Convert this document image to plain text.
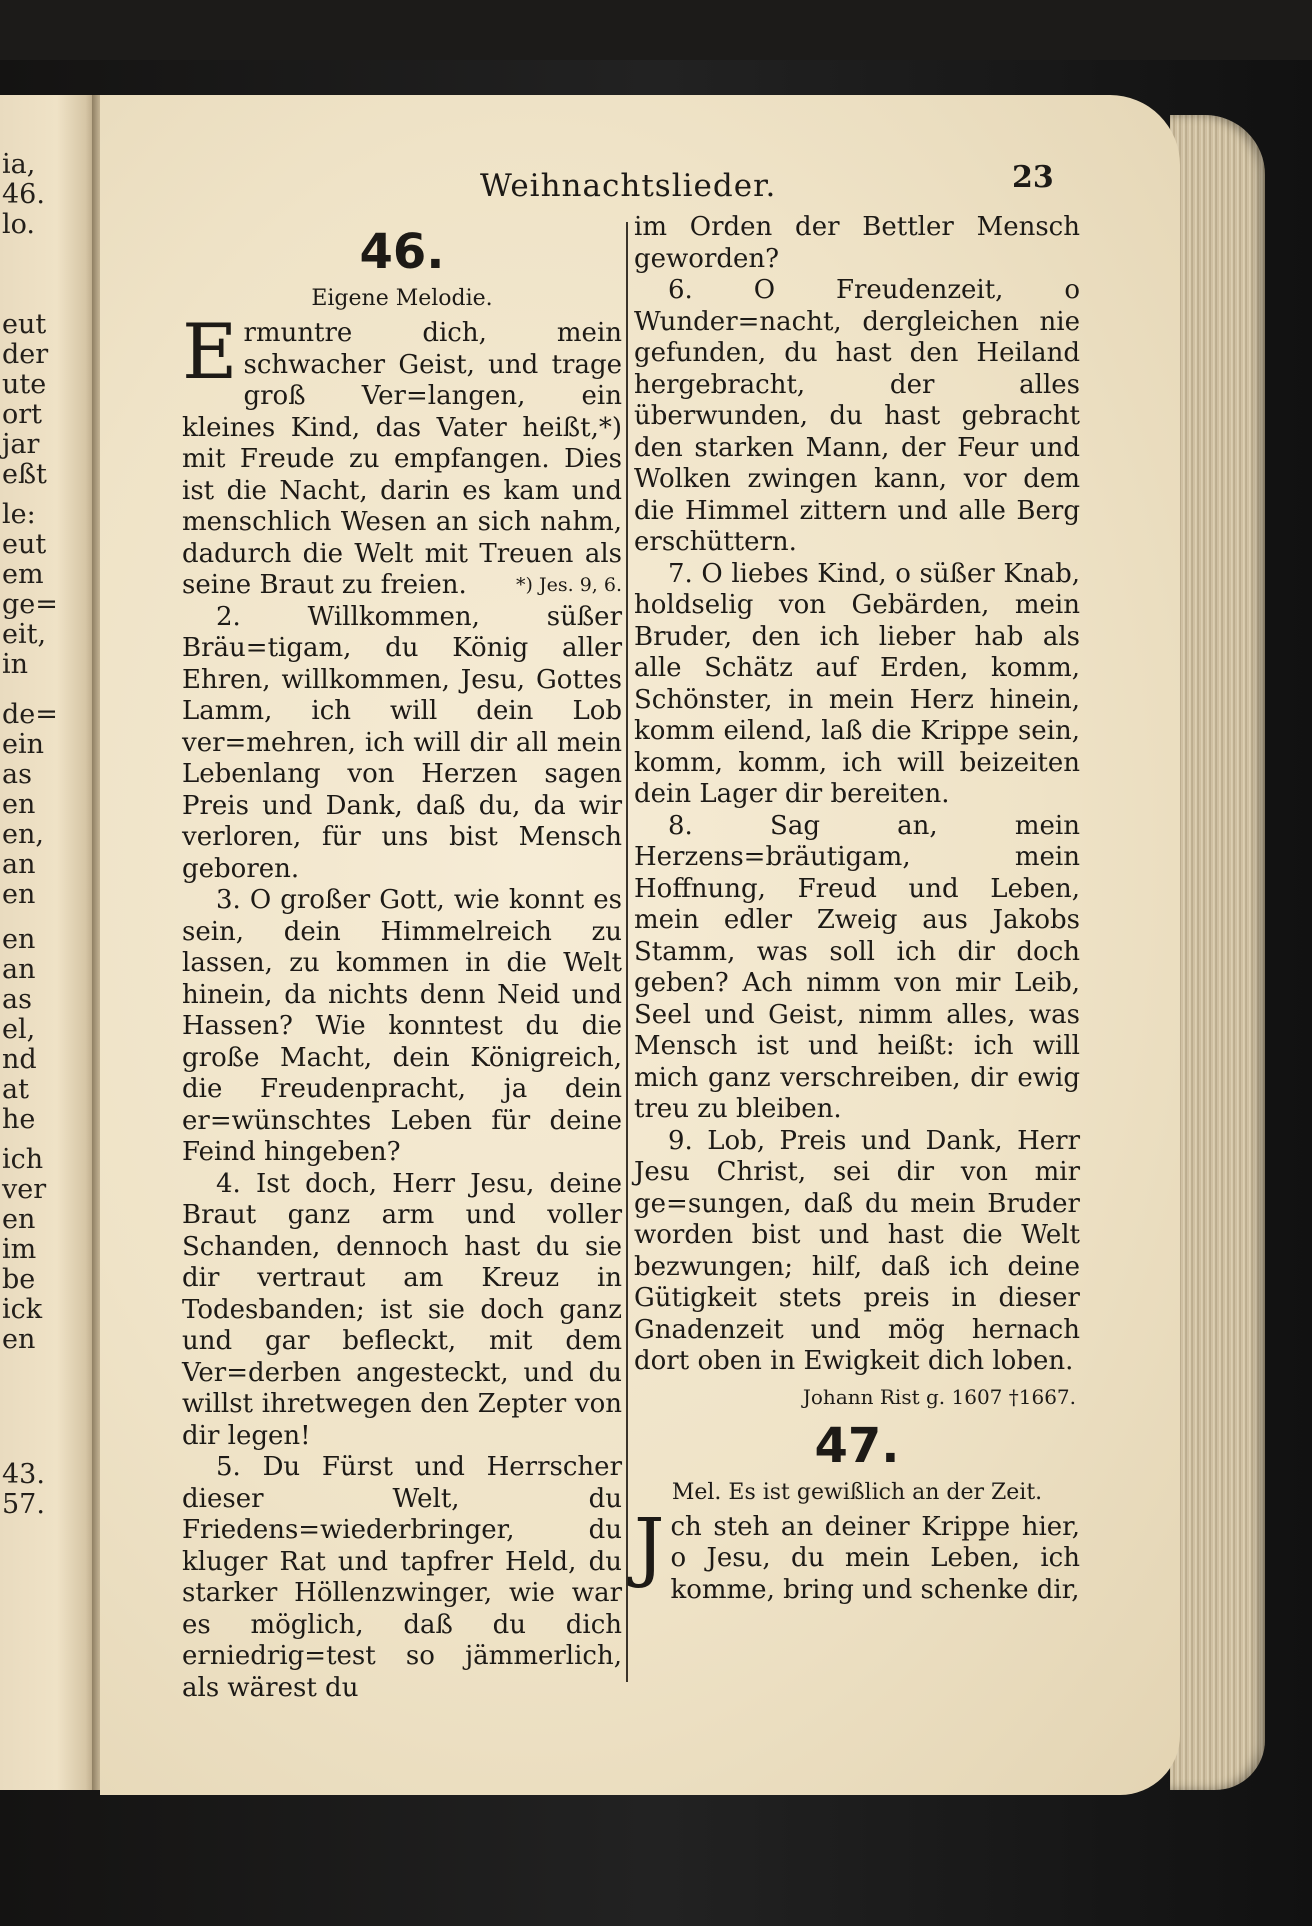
ia,
46.
lo.
eut
der
ute
ort
jar
eßt
le:
eut
em
ge=
eit,
in
de=
ein
as
en
en,
an
en
en
an
as
el,
nd
at
he
ich
ver
en
im
be
ick
en
43.
57.
Weihnachtslieder.	23

46.

Eigene Melodie.

E rmuntre dich, mein schwacher Geist, und trage groß Ver=langen, ein kleines Kind, das Vater heißt,*) mit Freude zu empfangen. Dies ist die Nacht, darin es kam und menschlich Wesen an sich nahm, dadurch die Welt mit Treuen als seine Braut zu freien.	*) Jes. 9, 6.

2. Willkommen, süßer Bräu=tigam, du König aller Ehren, willkommen, Jesu, Gottes Lamm, ich will dein Lob ver=mehren, ich will dir all mein Lebenlang von Herzen sagen Preis und Dank, daß du, da wir verloren, für uns bist Mensch geboren.

3. O großer Gott, wie konnt es sein, dein Himmelreich zu lassen, zu kommen in die Welt hinein, da nichts denn Neid und Hassen? Wie konntest du die große Macht, dein Königreich, die Freudenpracht, ja dein er=wünschtes Leben für deine Feind hingeben?

4. Ist doch, Herr Jesu, deine Braut ganz arm und voller Schanden, dennoch hast du sie dir vertraut am Kreuz in Todesbanden; ist sie doch ganz und gar befleckt, mit dem Ver=derben angesteckt, und du willst ihretwegen den Zepter von dir legen!

5. Du Fürst und Herrscher dieser Welt, du Friedens=wiederbringer, du kluger Rat und tapfrer Held, du starker Höllenzwinger, wie war es möglich, daß du dich erniedrig=test so jämmerlich, als wärest du

im Orden der Bettler Mensch geworden?

6. O Freudenzeit, o Wunder=nacht, dergleichen nie gefunden, du hast den Heiland hergebracht, der alles überwunden, du hast gebracht den starken Mann, der Feur und Wolken zwingen kann, vor dem die Himmel zittern und alle Berg erschüttern.

7. O liebes Kind, o süßer Knab, holdselig von Gebärden, mein Bruder, den ich lieber hab als alle Schätz auf Erden, komm, Schönster, in mein Herz hinein, komm eilend, laß die Krippe sein, komm, komm, ich will beizeiten dein Lager dir bereiten.

8. Sag an, mein Herzens=bräutigam, mein Hoffnung, Freud und Leben, mein edler Zweig aus Jakobs Stamm, was soll ich dir doch geben? Ach nimm von mir Leib, Seel und Geist, nimm alles, was Mensch ist und heißt: ich will mich ganz verschreiben, dir ewig treu zu bleiben.

9. Lob, Preis und Dank, Herr Jesu Christ, sei dir von mir ge=sungen, daß du mein Bruder worden bist und hast die Welt bezwungen; hilf, daß ich deine Gütigkeit stets preis in dieser Gnadenzeit und mög hernach dort oben in Ewigkeit dich loben.

Johann Rist g. 1607 †1667.

47.

Mel. Es ist gewißlich an der Zeit.

J ch steh an deiner Krippe hier, o Jesu, du mein Leben, ich komme, bring und schenke dir,
